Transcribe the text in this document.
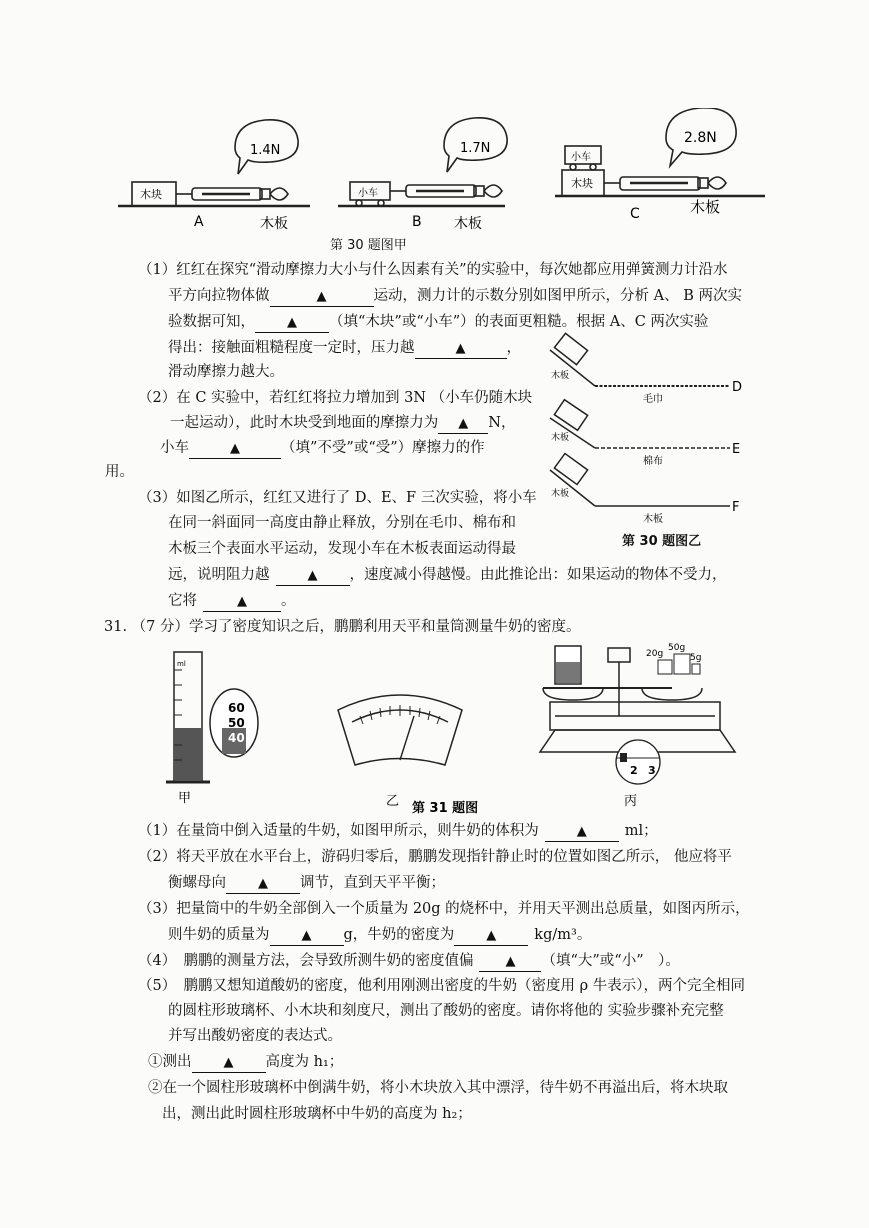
木块
1.4N
A	木板
小车
1.7N
B 木板
小车
木块
2.8N
C	木板
第 30 题图甲
木板
木板
木板
毛巾
D
棉布
E
木板
F
第 30 题图乙
（1）红红在探究“滑动摩擦力大小与什么因素有关”的实验中，每次她都应用弹簧测力计沿水
平方向拉物体做	▲	运动，测力计的示数分别如图甲所示，分析 A、 B 两次实
验数据可知， ▲ （填“木块”或“小车”）的表面更粗糙。根据 A、C 两次实验
得出：接触面粗糙程度一定时，压力越	▲	，
滑动摩擦力越大。
（2）在 C 实验中，若红红将拉力增加到 3N （小车仍随木块
一起运动），此时木块受到地面的摩擦力为 ▲ N，
小车	▲	（填”不受”或“受”）摩擦力的作
用。
（3）如图乙所示，红红又进行了 D、E、F 三次实验，将小车
在同一斜面同一高度由静止释放，分别在毛巾、棉布和
木板三个表面水平运动，发现小车在木板表面运动得最
远，说明阻力越	▲ ，速度减小得越慢。由此推论出：如果运动的物体不受力，
它将	▲ 。
31. （7 分）学习了密度知识之后，鹏鹏利用天平和量筒测量牛奶的密度。
ml
60
50
40
甲	乙
20g
50g
5g
2 3
丙
第 31 题图
（1）在量筒中倒入适量的牛奶，如图甲所示，则牛奶的体积为	▲	ml；
（2）将天平放在水平台上，游码归零后，鹏鹏发现指针静止时的位置如图乙所示， 他应将平
衡螺母向 ▲ 调节，直到天平平衡；
（3）把量筒中的牛奶全部倒入一个质量为 20g 的烧杯中，并用天平测出总质量，如图丙所示，
则牛奶的质量为 ▲ g，牛奶的密度为 ▲	kg/m³。
（4）　鹏鹏的测量方法，会导致所测牛奶的密度值偏 ▲ （填“大”或“小”　）。
（5）　鹏鹏又想知道酸奶的密度，他利用刚测出密度的牛奶（密度用 ρ 牛表示），两个完全相同
的圆柱形玻璃杯、小木块和刻度尺，测出了酸奶的密度。请你将他的 实验步骤补充完整
并写出酸奶密度的表达式。
①测出 ▲ 高度为 h₁；
②在一个圆柱形玻璃杯中倒满牛奶，将小木块放入其中漂浮，待牛奶不再溢出后，将木块取
出，测出此时圆柱形玻璃杯中牛奶的高度为 h₂；
